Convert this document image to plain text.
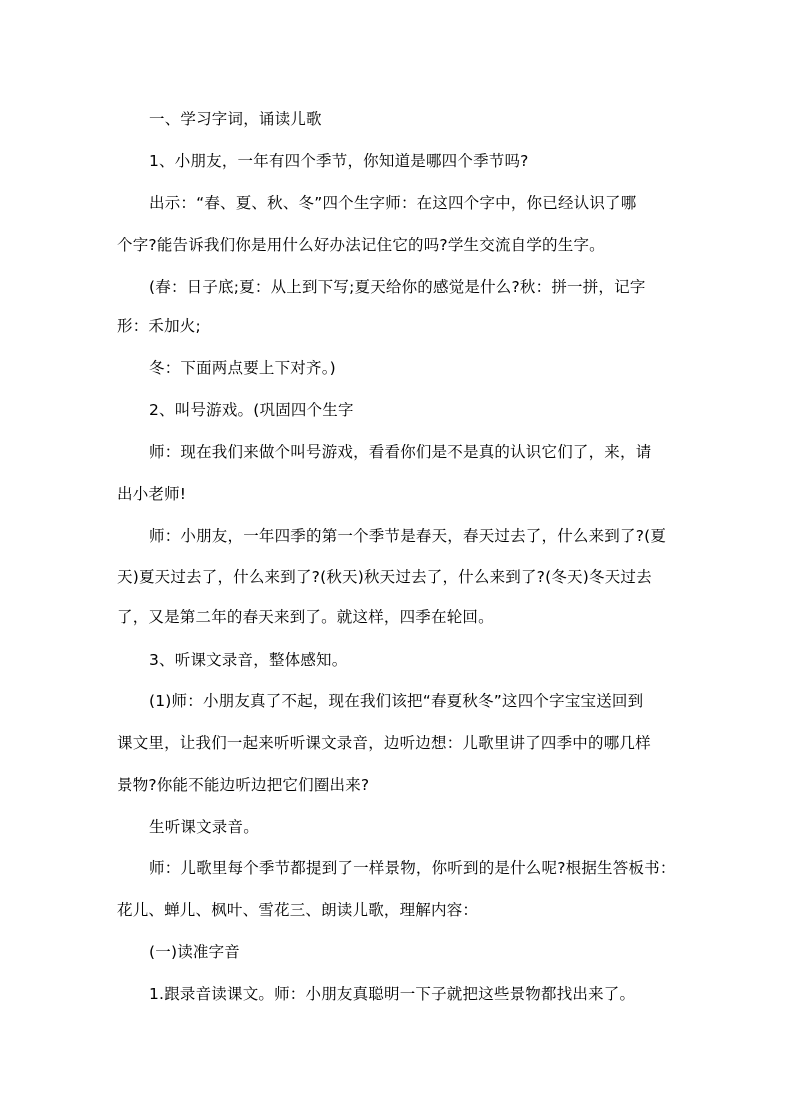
一、学习字词，诵读儿歌
1、小朋友，一年有四个季节，你知道是哪四个季节吗?
出示：“春、夏、秋、冬”四个生字师：在这四个字中，你已经认识了哪
个字?能告诉我们你是用什么好办法记住它的吗?学生交流自学的生字。
(春：日子底;夏：从上到下写;夏天给你的感觉是什么?秋：拼一拼，记字
形：禾加火;
冬：下面两点要上下对齐。)
2、叫号游戏。(巩固四个生字
师：现在我们来做个叫号游戏，看看你们是不是真的认识它们了，来，请
出小老师!
师：小朋友，一年四季的第一个季节是春天，春天过去了，什么来到了?(夏
天)夏天过去了，什么来到了?(秋天)秋天过去了，什么来到了?(冬天)冬天过去
了，又是第二年的春天来到了。就这样，四季在轮回。
3、听课文录音，整体感知。
(1)师：小朋友真了不起，现在我们该把“春夏秋冬”这四个字宝宝送回到
课文里，让我们一起来听听课文录音，边听边想：儿歌里讲了四季中的哪几样
景物?你能不能边听边把它们圈出来?
生听课文录音。
师：儿歌里每个季节都提到了一样景物，你听到的是什么呢?根据生答板书：
花儿、蝉儿、枫叶、雪花三、朗读儿歌，理解内容：
(一)读准字音
1.跟录音读课文。师：小朋友真聪明一下子就把这些景物都找出来了。
